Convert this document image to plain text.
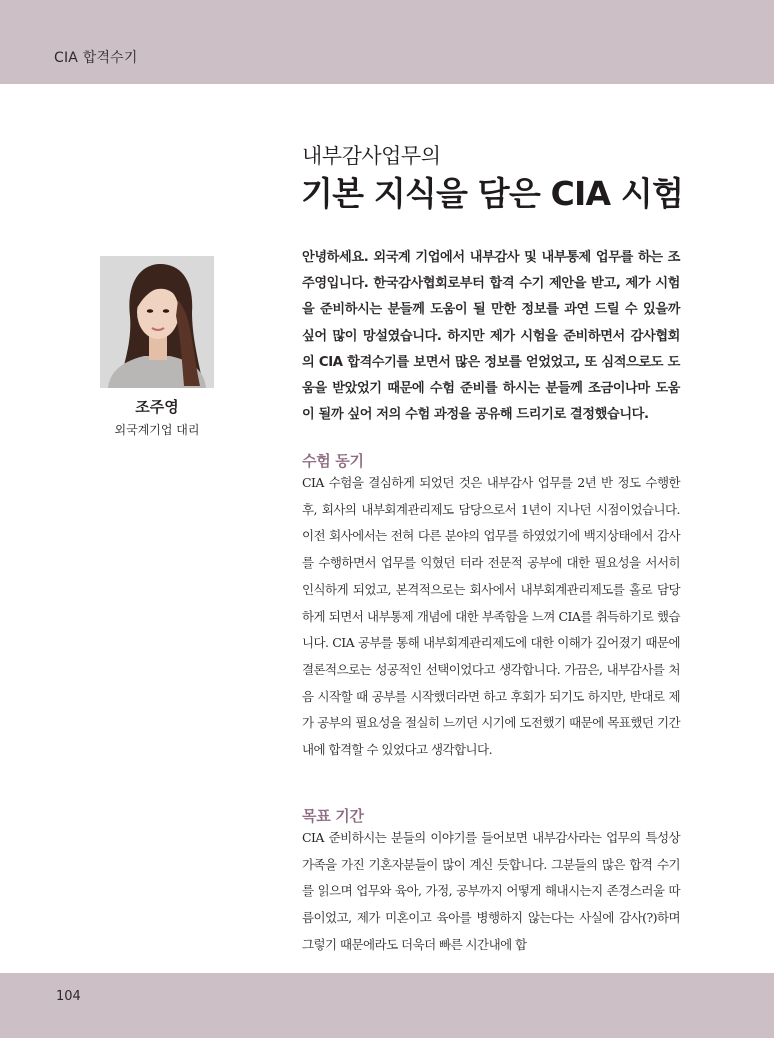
CIA 합격수기
내부감사업무의
기본 지식을 담은 CIA 시험
조주영
외국계기업 대리

안녕하세요. 외국계 기업에서 내부감사 및 내부통제 업무를 하는 조주영입니다. 한국감사협회로부터 합격 수기 제안을 받고, 제가 시험을 준비하시는 분들께 도움이 될 만한 정보를 과연 드릴 수 있을까 싶어 많이 망설였습니다. 하지만 제가 시험을 준비하면서 감사협회의 CIA 합격수기를 보면서 많은 정보를 얻었었고, 또 심적으로도 도움을 받았었기 때문에 수험 준비를 하시는 분들께 조금이나마 도움이 될까 싶어 저의 수험 과정을 공유해 드리기로 결정했습니다.

수험 동기

CIA 수험을 결심하게 되었던 것은 내부감사 업무를 2년 반 정도 수행한 후, 회사의 내부회계관리제도 담당으로서 1년이 지나던 시점이었습니다. 이전 회사에서는 전혀 다른 분야의 업무를 하였었기에 백지상태에서 감사를 수행하면서 업무를 익혔던 터라 전문적 공부에 대한 필요성을 서서히 인식하게 되었고, 본격적으로는 회사에서 내부회계관리제도를 홀로 담당하게 되면서 내부통제 개념에 대한 부족함을 느껴 CIA를 취득하기로 했습니다. CIA 공부를 통해 내부회계관리제도에 대한 이해가 깊어졌기 때문에 결론적으로는 성공적인 선택이었다고 생각합니다. 가끔은, 내부감사를 처음 시작할 때 공부를 시작했더라면 하고 후회가 되기도 하지만, 반대로 제가 공부의 필요성을 절실히 느끼던 시기에 도전했기 때문에 목표했던 기간 내에 합격할 수 있었다고 생각합니다.

목표 기간

CIA 준비하시는 분들의 이야기를 들어보면 내부감사라는 업무의 특성상 가족을 가진 기혼자분들이 많이 계신 듯합니다. 그분들의 많은 합격 수기를 읽으며 업무와 육아, 가정, 공부까지 어떻게 해내시는지 존경스러울 따름이었고, 제가 미혼이고 육아를 병행하지 않는다는 사실에 감사(?)하며 그렇기 때문에라도 더욱더 빠른 시간내에 합

104
